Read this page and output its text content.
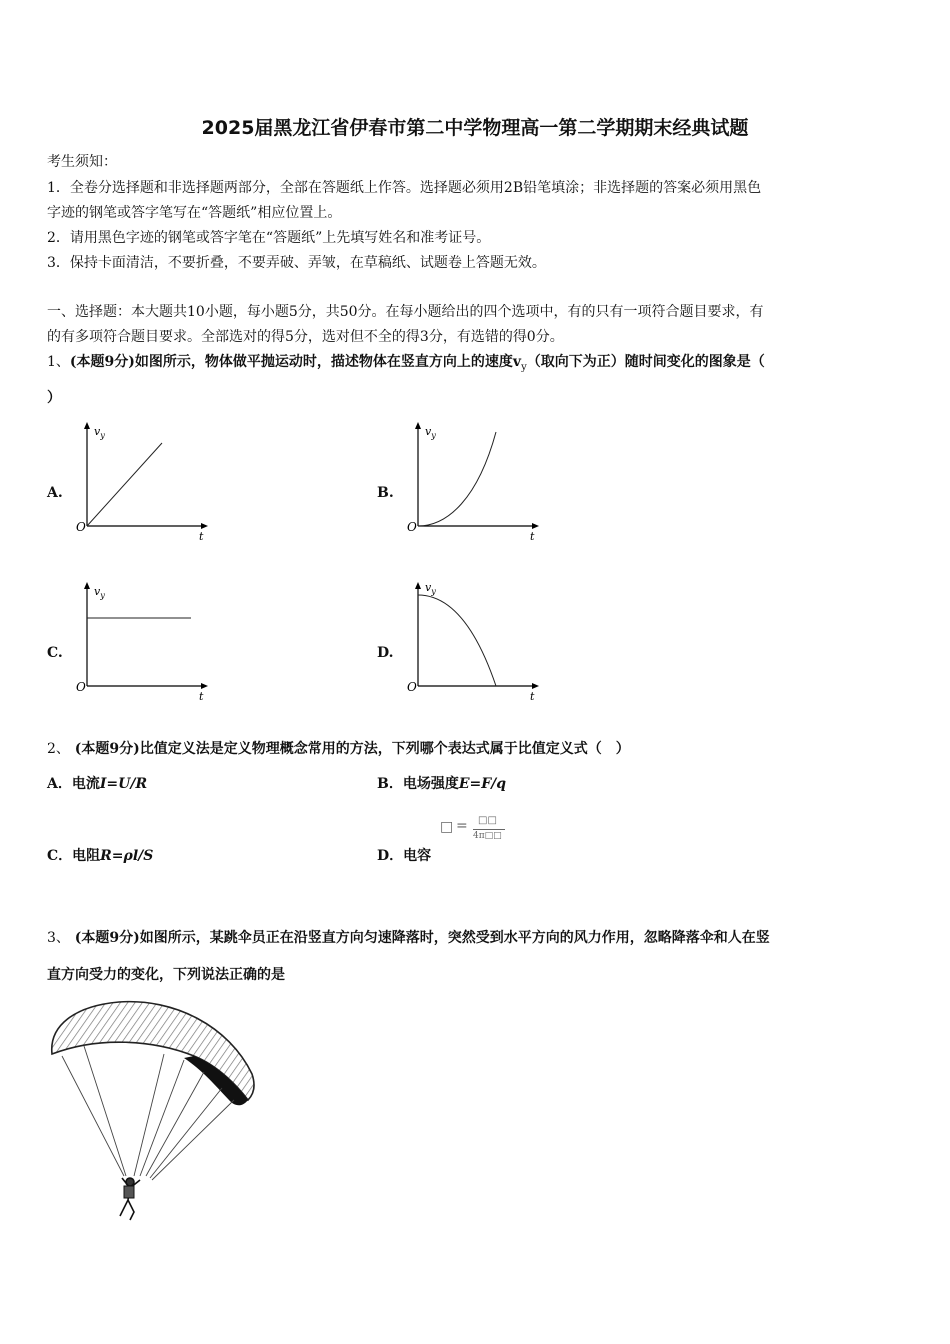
2025届黑龙江省伊春市第二中学物理高一第二学期期末经典试题
考生须知：
1．全卷分选择题和非选择题两部分，全部在答题纸上作答。选择题必须用2B铅笔填涂；非选择题的答案必须用黑色
字迹的钢笔或答字笔写在“答题纸”相应位置上。
2．请用黑色字迹的钢笔或答字笔在“答题纸”上先填写姓名和准考证号。
3．保持卡面清洁，不要折叠，不要弄破、弄皱，在草稿纸、试题卷上答题无效。
一、选择题：本大题共10小题，每小题5分，共50分。在每小题给出的四个选项中，有的只有一项符合题目要求，有
的有多项符合题目要求。全部选对的得5分，选对但不全的得3分，有选错的得0分。
1、(本题9分)如图所示，物体做平抛运动时，描述物体在竖直方向上的速度$v_y$（取向下为正）随时间变化的图象是（
）
A.
$v_y$
t
O
B.
$v_y$
t
O
C.
$v_y$
t
O
D.
$v_y$
t
O
2、 (本题9分)比值定义法是定义物理概念常用的方法，下列哪个表达式属于比值定义式（　）
A．电流I=U/R	B．电场强度E=F/q
□ = □□
4π□□
C．电阻R=ρl/S	D．电容
3、 (本题9分)如图所示，某跳伞员正在沿竖直方向匀速降落时，突然受到水平方向的风力作用，忽略降落伞和人在竖
直方向受力的变化，下列说法正确的是
